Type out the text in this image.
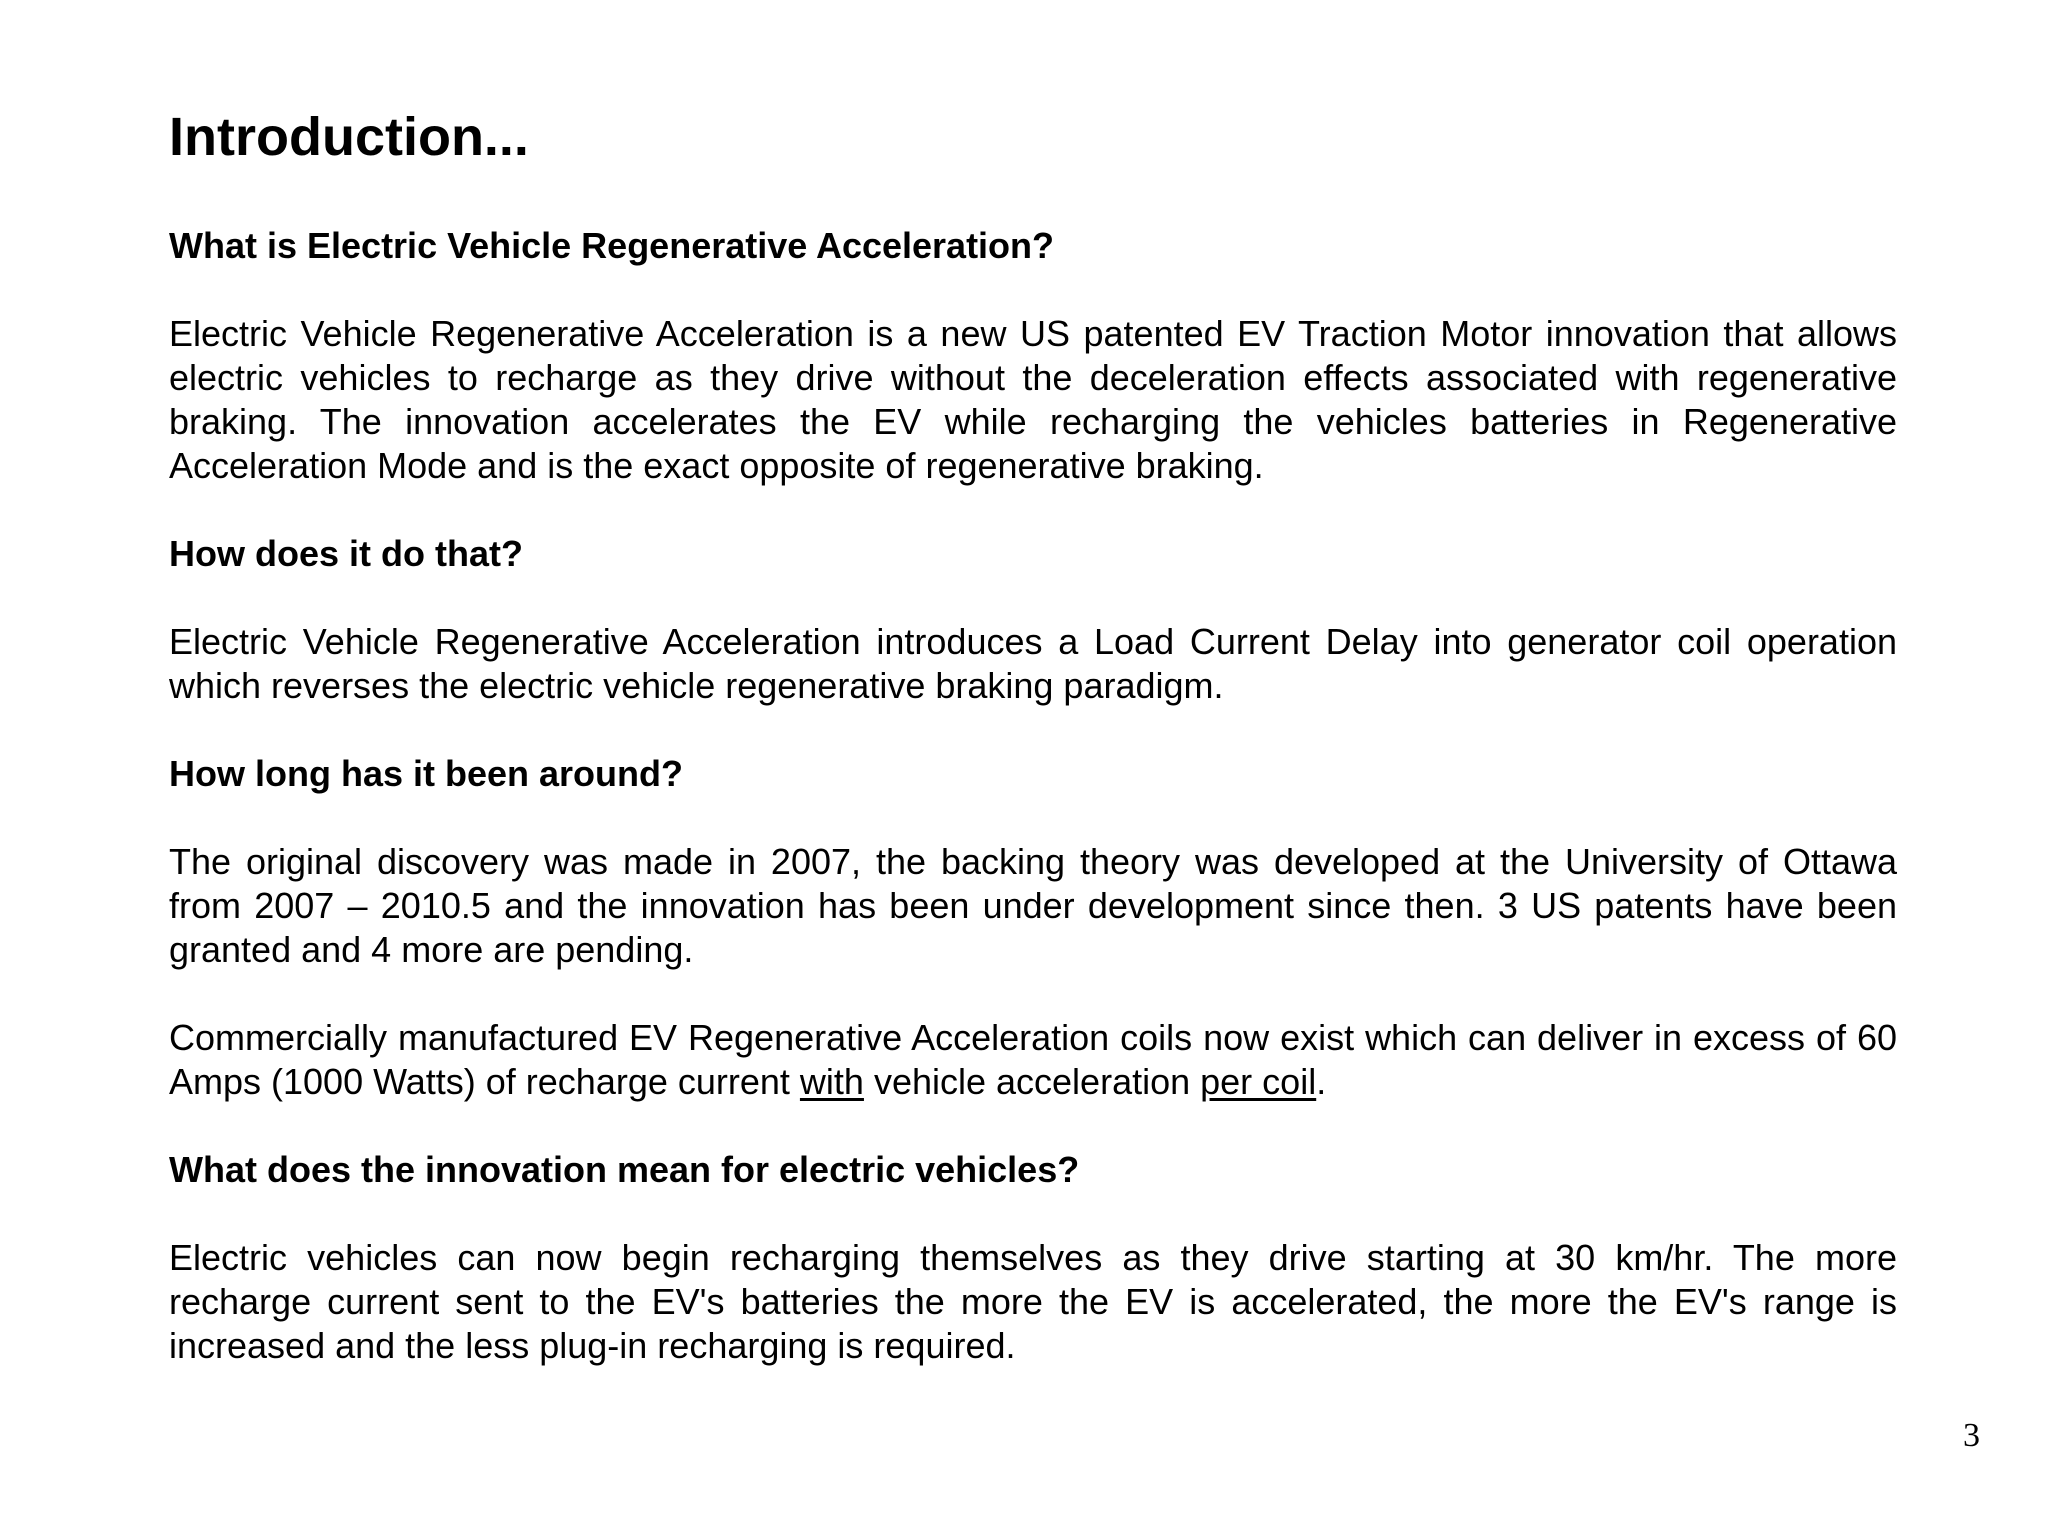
Introduction...
What is Electric Vehicle Regenerative Acceleration?

Electric Vehicle Regenerative Acceleration is a new US patented EV Traction Motor innovation that allows electric vehicles to recharge as they drive without the deceleration effects associated with regenerative braking. The innovation accelerates the EV while recharging the vehicles batteries in Regenerative Acceleration Mode and is the exact opposite of regenerative braking.

How does it do that?

Electric Vehicle Regenerative Acceleration introduces a Load Current Delay into generator coil operation which reverses the electric vehicle regenerative braking paradigm.

How long has it been around?

The original discovery was made in 2007, the backing theory was developed at the University of Ottawa from 2007 – 2010.5 and the innovation has been under development since then. 3 US patents have been granted and 4 more are pending.

Commercially manufactured EV Regenerative Acceleration coils now exist which can deliver in excess of 60 Amps (1000 Watts) of recharge current with vehicle acceleration per coil.

What does the innovation mean for electric vehicles?

Electric vehicles can now begin recharging themselves as they drive starting at 30 km/hr. The more recharge current sent to the EV's batteries the more the EV is accelerated, the more the EV's range is increased and the less plug-in recharging is required.

3
